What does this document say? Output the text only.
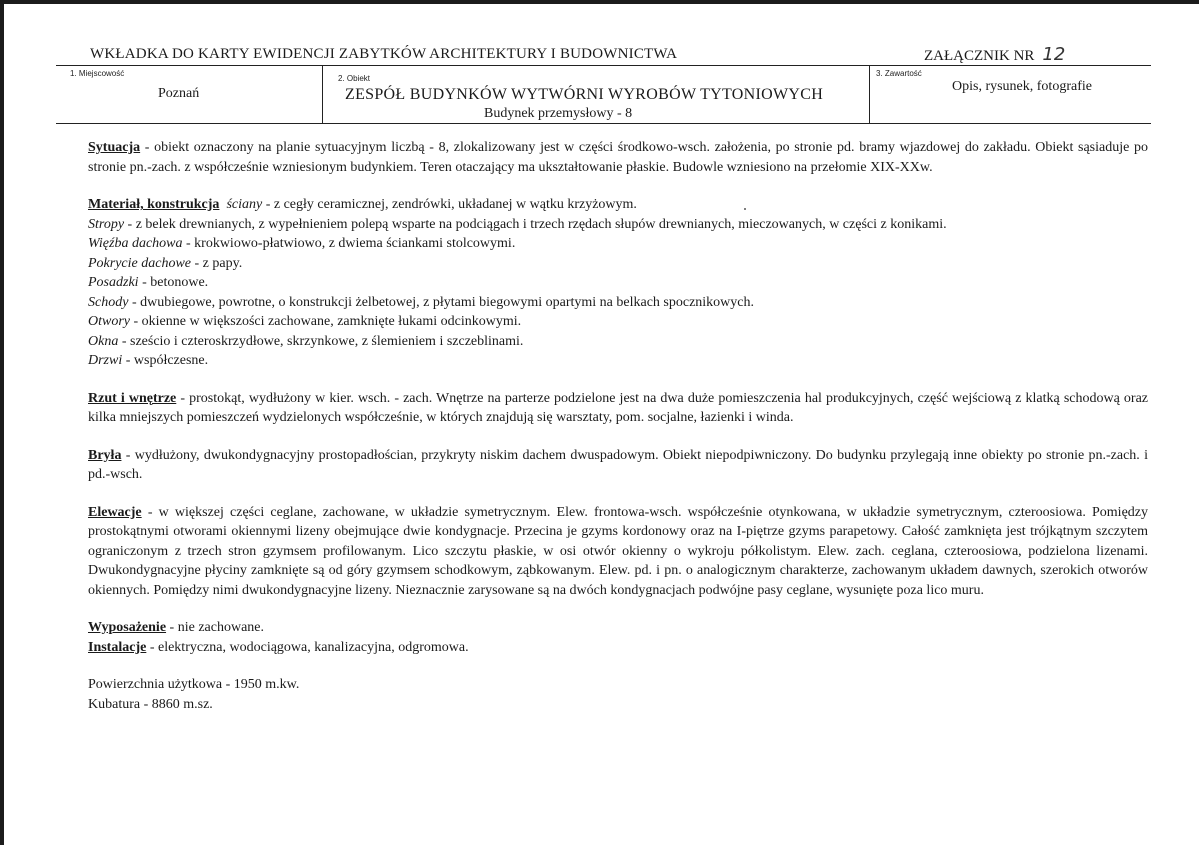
WKŁADKA DO KARTY EWIDENCJI ZABYTKÓW ARCHITEKTURY I BUDOWNICTWA	ZAŁĄCZNIK NR 12
1. Miejscowość
Poznań
2. Obiekt
ZESPÓŁ BUDYNKÓW WYTWÓRNI WYROBÓW TYTONIOWYCH
Budynek przemysłowy - 8
3. Zawartość
Opis, rysunek, fotografie
Sytuacja - obiekt oznaczony na planie sytuacyjnym liczbą - 8, zlokalizowany jest w części środkowo-wsch. założenia, po stronie pd. bramy wjazdowej do zakładu. Obiekt sąsiaduje po stronie pn.-zach. z współcześnie wzniesionym budynkiem. Teren otaczający ma ukształtowanie płaskie. Budowle wzniesiono na przełomie XIX-XXw.
Materiał, konstrukcja ściany - z cegły ceramicznej, zendrówki, układanej w wątku krzyżowym.
Stropy - z belek drewnianych, z wypełnieniem polepą wsparte na podciągach i trzech rzędach słupów drewnianych, mieczowanych, w części z konikami.
Więźba dachowa - krokwiowo-płatwiowo, z dwiema ściankami stolcowymi.
Pokrycie dachowe - z papy.
Posadzki - betonowe.
Schody - dwubiegowe, powrotne, o konstrukcji żelbetowej, z płytami biegowymi opartymi na belkach spocznikowych.
Otwory - okienne w większości zachowane, zamknięte łukami odcinkowymi.
Okna - sześcio i czteroskrzydłowe, skrzynkowe, z ślemieniem i szczeblinami.
Drzwi - współczesne.
Rzut i wnętrze - prostokąt, wydłużony w kier. wsch. - zach. Wnętrze na parterze podzielone jest na dwa duże pomieszczenia hal produkcyjnych, część wejściową z klatką schodową oraz kilka mniejszych pomieszczeń wydzielonych współcześnie, w których znajdują się warsztaty, pom. socjalne, łazienki i winda.
Bryła - wydłużony, dwukondygnacyjny prostopadłościan, przykryty niskim dachem dwuspadowym. Obiekt niepodpiwniczony. Do budynku przylegają inne obiekty po stronie pn.-zach. i pd.-wsch.
Elewacje - w większej części ceglane, zachowane, w układzie symetrycznym. Elew. frontowa-wsch. współcześnie otynkowana, w układzie symetrycznym, czteroosiowa. Pomiędzy prostokątnymi otworami okiennymi lizeny obejmujące dwie kondygnacje. Przecina je gzyms kordonowy oraz na I-piętrze gzyms parapetowy. Całość zamknięta jest trójkątnym szczytem ograniczonym z trzech stron gzymsem profilowanym. Lico szczytu płaskie, w osi otwór okienny o wykroju półkolistym. Elew. zach. ceglana, czteroosiowa, podzielona lizenami. Dwukondygnacyjne płyciny zamknięte są od góry gzymsem schodkowym, ząbkowanym. Elew. pd. i pn. o analogicznym charakterze, zachowanym układem dawnych, szerokich otworów okiennych. Pomiędzy nimi dwukondygnacyjne lizeny. Nieznacznie zarysowane są na dwóch kondygnacjach podwójne pasy ceglane, wysunięte poza lico muru.
Wyposażenie - nie zachowane.
Instalacje - elektryczna, wodociągowa, kanalizacyjna, odgromowa.
Powierzchnia użytkowa - 1950 m.kw.
Kubatura - 8860 m.sz.
